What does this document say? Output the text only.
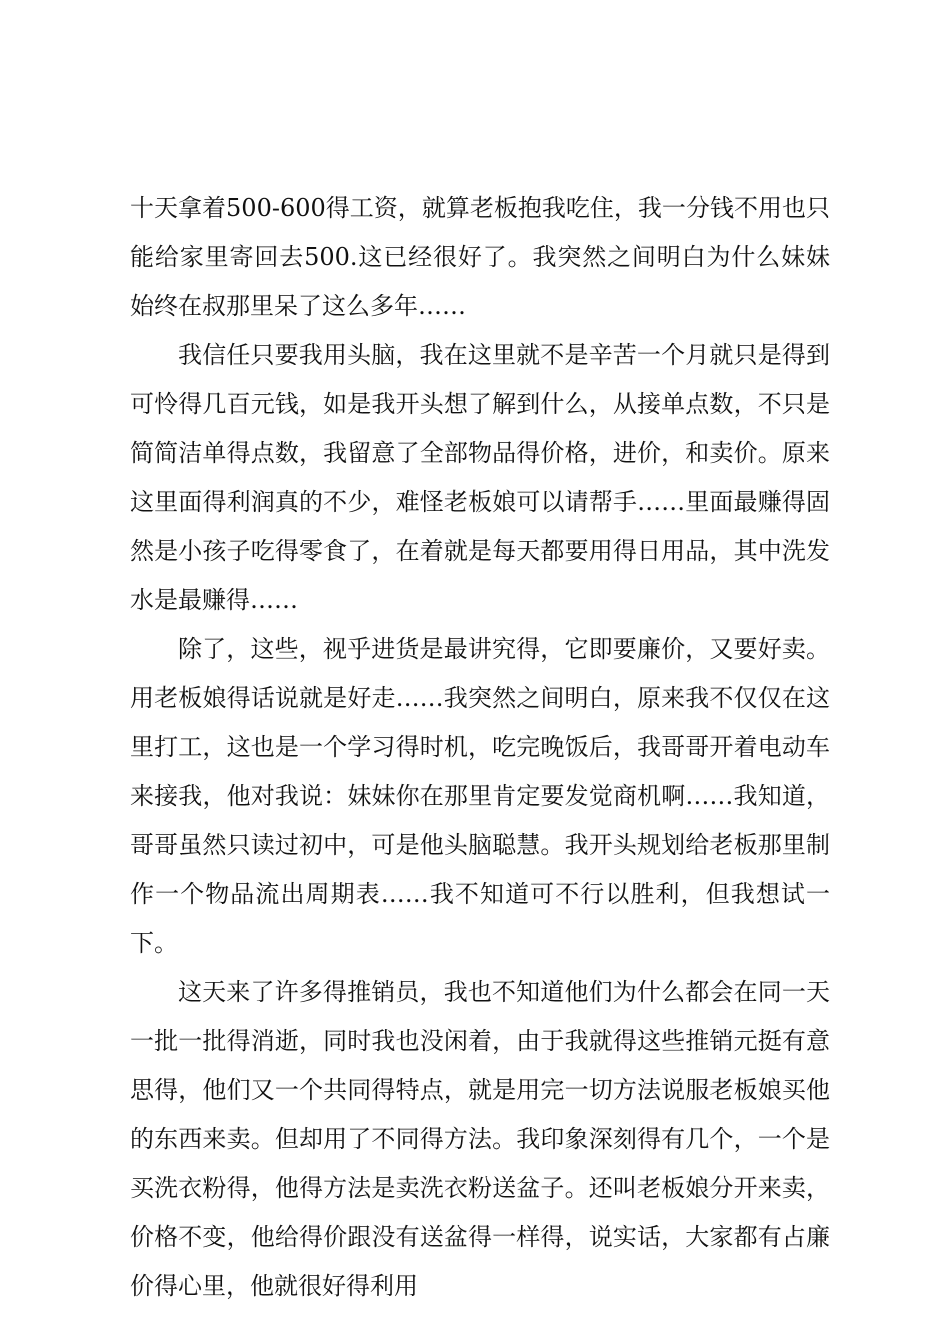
十天拿着500-600得工资，就算老板抱我吃住，我一分钱不用也只能给家里寄回去500.这已经很好了。我突然之间明白为什么妹妹始终在叔那里呆了这么多年……

我信任只要我用头脑，我在这里就不是辛苦一个月就只是得到可怜得几百元钱，如是我开头想了解到什么，从接单点数，不只是简简洁单得点数，我留意了全部物品得价格，进价，和卖价。原来这里面得利润真的不少，难怪老板娘可以请帮手……里面最赚得固然是小孩子吃得零食了，在着就是每天都要用得日用品，其中洗发水是最赚得……

除了，这些，视乎进货是最讲究得，它即要廉价，又要好卖。用老板娘得话说就是好走……我突然之间明白，原来我不仅仅在这里打工，这也是一个学习得时机，吃完晚饭后，我哥哥开着电动车来接我，他对我说：妹妹你在那里肯定要发觉商机啊……我知道，哥哥虽然只读过初中，可是他头脑聪慧。我开头规划给老板那里制作一个物品流出周期表……我不知道可不行以胜利，但我想试一下。

这天来了许多得推销员，我也不知道他们为什么都会在同一天一批一批得消逝，同时我也没闲着，由于我就得这些推销元挺有意思得，他们又一个共同得特点，就是用完一切方法说服老板娘买他的东西来卖。但却用了不同得方法。我印象深刻得有几个，一个是买洗衣粉得，他得方法是卖洗衣粉送盆子。还叫老板娘分开来卖，价格不变，他给得价跟没有送盆得一样得，说实话，大家都有占廉价得心里，他就很好得利用
